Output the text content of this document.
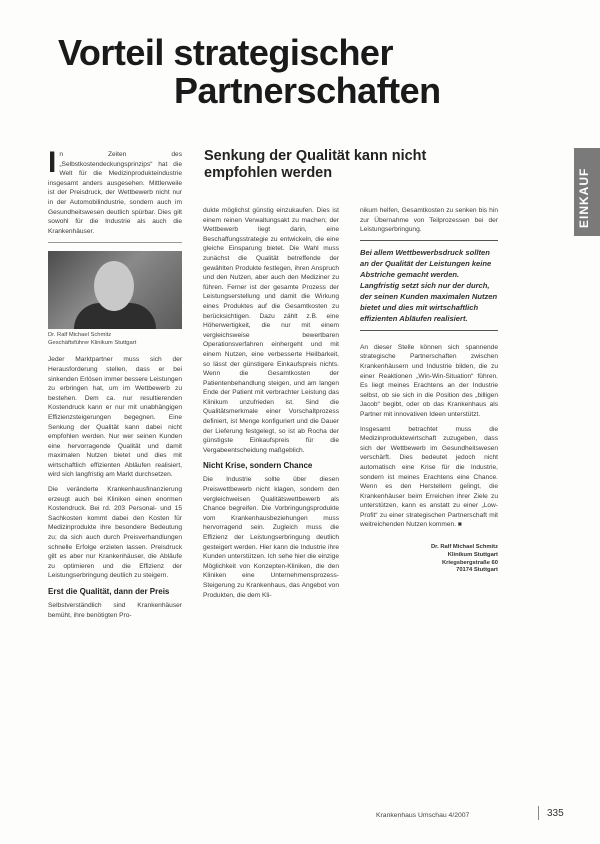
Vorteil strategischer
Partnerschaften
EINKAUF
Senkung der Qualität kann nicht
empfohlen werden

I n Zeiten des „Selbstkostendeckungsprinzips“ hat die Welt für die Medizinprodukteindustrie insgesamt anders ausgesehen. Mittlerweile ist der Preisdruck, der Wettbewerb nicht nur in der Automobilindustrie, sondern auch im Gesundheitswesen deutlich spürbar. Dies gilt sowohl für die Industrie als auch die Krankenhäuser.

Dr. Ralf Michael Schmitz
Geschäftsführer Klinikum Stuttgart

Jeder Marktpartner muss sich der Herausforderung stellen, dass er bei sinkenden Erlösen immer bessere Leistungen zu erbringen hat, um im Wettbewerb zu bestehen. Dem ca. nur resultierenden Kostendruck kann er nur mit unabhängigen Effizienzsteigerungen begegnen. Eine Senkung der Qualität kann dabei nicht empfohlen werden. Nur wer seinen Kunden eine hervorragende Qualität und damit maximalen Nutzen bietet und dies mit wirtschaftlich effizienten Abläufen realisiert, wird sich langfristig am Markt durchsetzen.

Die veränderte Krankenhausfinanzierung erzeugt auch bei Kliniken einen enormen Kostendruck. Bei rd. 203 Personal- und 15 Sachkosten kommt dabei den Kosten für Medizinprodukte ihre besondere Bedeutung zu; da sich auch durch Preisverhandlungen schnelle Erfolge erzielen lassen. Preisdruck gilt es aber nur Krankenhäuser, die Abläufe zu optimieren und die Effizienz der Leistungserbringung deutlich zu steigern.

Erst die Qualität, dann der Preis

Selbstverständlich sind Krankenhäuser bemüht, ihre benötigten Pro-

dukte möglichst günstig einzukaufen. Dies ist einem reinen Verwaltungsakt zu machen; der Wettbewerb liegt darin, eine Beschaffungsstrategie zu entwickeln, die eine gleiche Einsparung bietet. Die Wahl muss zunächst die Qualität betreffende der gewählten Produkte festlegen, ihren Anspruch und den Nutzen, aber auch den Mediziner zu führen. Ferner ist der gesamte Prozess der Leistungserstellung und damit die Wirkung eines Produktes auf die Gesamtkosten zu berücksichtigen. Dazu zählt z.B. eine Höherwertigkeit, die nur mit einem vergleichsweise bewertbaren Operationsverfahren einhergeht und mit einem Nutzen, eine verbesserte Heilbarkeit, so lässt der günstigere Einkaufspreis nichts. Wenn die Gesamtkosten der Patientenbehandlung steigen, und am langen Ende der Patient mit verbrachter Leistung das Klinikum unzufrieden ist. Sind die Qualitätsmerkmale einer Vorschaltprozess definiert, ist Menge konfiguriert und die Dauer der Lieferung festgelegt, so ist ab Rocha der günstigste Einkaufspreis für die Vergabeentscheidung maßgeblich.

Nicht Krise, sondern Chance

Die Industrie sollte über diesen Preiswettbewerb nicht klagen, sondern den vergleichweisen Qualitätswettbewerb als Chance begreifen. Die Vorbringungsprodukte vom Krankenhausbeziehungen muss hervorragend sein. Zugleich muss die Effizienz der Leistungserbringung deutlich gesteigert werden. Hier kann die Industrie ihre Kunden unterstützen. Ich sehe hier die einzige Möglichkeit von Konzepten-Kliniken, die den Kliniken eine Unternehmensprozess-Steigerung zu Krankenhaus, das Angebot von Produkten, die dem Kli-

nikum helfen, Gesamtkosten zu senken bis hin zur Übernahme von Teilprozessen bei der Leistungserbringung.

Bei allem Wettbewerbsdruck sollten an der Qualität der Leistungen keine Abstriche gemacht werden. Langfristig setzt sich nur der durch, der seinen Kunden maximalen Nutzen bietet und dies mit wirtschaftlich effizienten Abläufen realisiert.

An dieser Stelle können sich spannende strategische Partnerschaften zwischen Krankenhäusern und Industrie bilden, die zu einer Reaktionen „Win-Win-Situation“ führen. Es liegt meines Erachtens an der Industrie selbst, ob sie sich in die Position des „billigen Jacob“ begibt, oder ob das Krankenhaus als Partner mit innovativen Ideen unterstützt.

Insgesamt betrachtet muss die Medizinproduktewirtschaft zuzugeben, dass sich der Wettbewerb im Gesundheitswesen verschärft. Dies bedeutet jedoch nicht automatisch eine Krise für die Industrie, sondern ist meines Erachtens eine Chance. Wenn es den Herstellern gelingt, die Krankenhäuser beim Erreichen ihrer Ziele zu unterstützen, kann es anstatt zu einer „Low-Profit“ zu einer strategischen Partnerschaft mit weitreichenden Nutzen kommen. ■

Dr. Ralf Michael Schmitz
Klinikum Stuttgart
Kriegsbergstraße 60
70174 Stuttgart
Krankenhaus Umschau 4/2007	335
